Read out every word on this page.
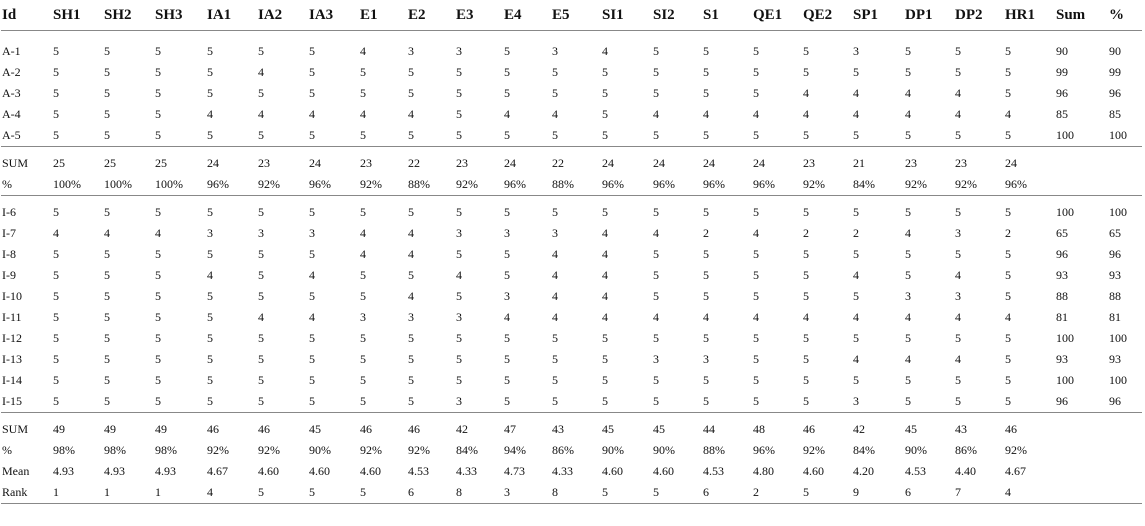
Id	SH1	SH2	SH3	IA1	IA2	IA3	E1	E2	E3	E4	E5	SI1	SI2	S1	QE1	QE2	SP1	DP1	DP2	HR1	Sum	%
A-1	5	5	5	5	5	5	4	3	3	5	3	4	5	5	5	5	3	5	5	5	90	90
A-2	5	5	5	5	4	5	5	5	5	5	5	5	5	5	5	5	5	5	5	5	99	99
A-3	5	5	5	5	5	5	5	5	5	5	5	5	5	5	5	4	4	4	4	5	96	96
A-4	5	5	5	4	4	4	4	4	5	4	4	5	4	4	4	4	4	4	4	4	85	85
A-5	5	5	5	5	5	5	5	5	5	5	5	5	5	5	5	5	5	5	5	5	100	100
SUM	25	25	25	24	23	24	23	22	23	24	22	24	24	24	24	23	21	23	23	24		
%	100%	100%	100%	96%	92%	96%	92%	88%	92%	96%	88%	96%	96%	96%	96%	92%	84%	92%	92%	96%		
I-6	5	5	5	5	5	5	5	5	5	5	5	5	5	5	5	5	5	5	5	5	100	100
I-7	4	4	4	3	3	3	4	4	3	3	3	4	4	2	4	2	2	4	3	2	65	65
I-8	5	5	5	5	5	5	4	4	5	5	4	4	5	5	5	5	5	5	5	5	96	96
I-9	5	5	5	4	5	4	5	5	4	5	4	4	5	5	5	5	4	5	4	5	93	93
I-10	5	5	5	5	5	5	5	4	5	3	4	4	5	5	5	5	5	3	3	5	88	88
I-11	5	5	5	5	4	4	3	3	3	4	4	4	4	4	4	4	4	4	4	4	81	81
I-12	5	5	5	5	5	5	5	5	5	5	5	5	5	5	5	5	5	5	5	5	100	100
I-13	5	5	5	5	5	5	5	5	5	5	5	5	3	3	5	5	4	4	4	5	93	93
I-14	5	5	5	5	5	5	5	5	5	5	5	5	5	5	5	5	5	5	5	5	100	100
I-15	5	5	5	5	5	5	5	5	3	5	5	5	5	5	5	5	3	5	5	5	96	96
SUM	49	49	49	46	46	45	46	46	42	47	43	45	45	44	48	46	42	45	43	46		
%	98%	98%	98%	92%	92%	90%	92%	92%	84%	94%	86%	90%	90%	88%	96%	92%	84%	90%	86%	92%		
Mean	4.93	4.93	4.93	4.67	4.60	4.60	4.60	4.53	4.33	4.73	4.33	4.60	4.60	4.53	4.80	4.60	4.20	4.53	4.40	4.67		
Rank	1	1	1	4	5	5	5	6	8	3	8	5	5	6	2	5	9	6	7	4		
